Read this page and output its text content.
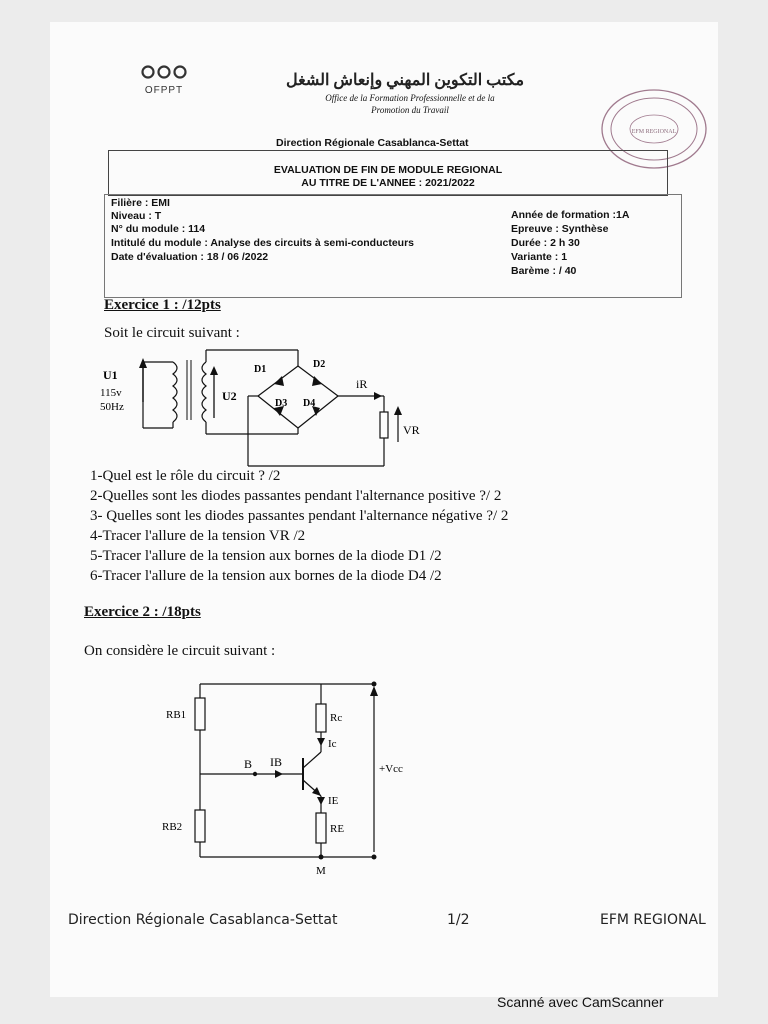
OFPPT
مكتب التكوين المهني وإنعاش الشغل
Office de la Formation Professionnelle et de la
Promotion du Travail
Direction Régionale Casablanca-Settat
EFM REGIONAL
EVALUATION DE FIN DE MODULE REGIONAL
AU TITRE DE L'ANNEE : 2021/2022
Filière : EMI
Niveau : T
N° du module : 114
Intitulé du module : Analyse des circuits à semi-conducteurs
Date d'évaluation : 18 / 06 /2022
Année de formation :1A
Epreuve : Synthèse
Durée : 2 h 30
Variante : 1
Barème : / 40
Exercice 1 : /12pts
Soit le circuit suivant :
U1
115v
50Hz
U2
D1	D2
D3 D4
iR
VR
1-Quel est le rôle du circuit ? /2
2-Quelles sont les diodes passantes pendant l'alternance positive ?/ 2
3- Quelles sont les diodes passantes pendant l'alternance négative ?/ 2
4-Tracer l'allure de la tension VR /2
5-Tracer l'allure de la tension aux bornes de la diode D1 /2
6-Tracer l'allure de la tension aux bornes de la diode D4 /2
Exercice 2 : /18pts
On considère le circuit suivant :
RB1
RB2
B IB
Rc
Ic
IE
RE
M
+Vcc
Direction Régionale Casablanca-Settat	1/2	EFM REGIONAL
Scanné avec CamScanner
